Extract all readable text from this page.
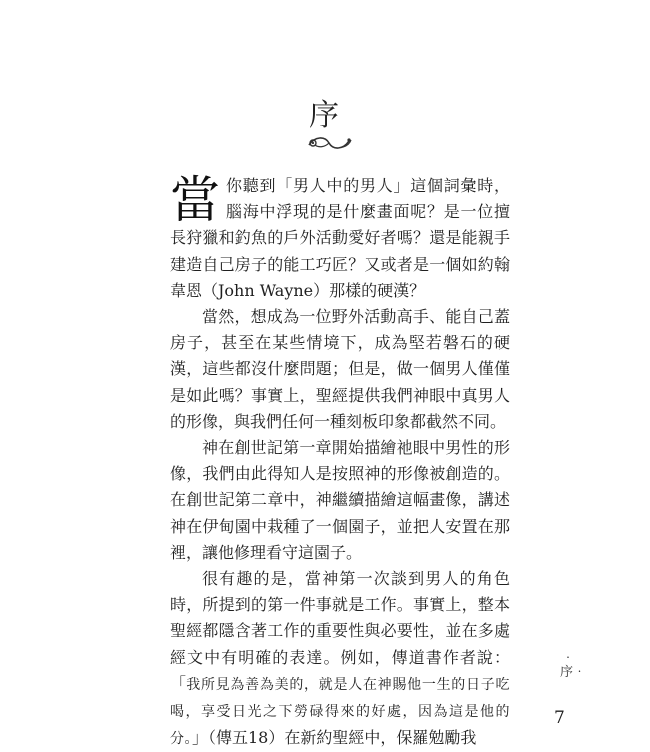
序

當你聽到「男人中的男人」這個詞彙時，腦海中浮現的是什麼畫面呢？是一位擅長狩獵和釣魚的戶外活動愛好者嗎？還是能親手建造自己房子的能工巧匠？又或者是一個如約翰韋恩（John Wayne）那樣的硬漢？

當然，想成為一位野外活動高手、能自己蓋房子，甚至在某些情境下，成為堅若磐石的硬漢，這些都沒什麼問題；但是，做一個男人僅僅是如此嗎？事實上，聖經提供我們神眼中真男人的形像，與我們任何一種刻板印象都截然不同。

神在創世記第一章開始描繪祂眼中男性的形像，我們由此得知人是按照神的形像被創造的。在創世記第二章中，神繼續描繪這幅畫像，講述神在伊甸園中栽種了一個園子，並把人安置在那裡，讓他修理看守這園子。

很有趣的是，當神第一次談到男人的角色時，所提到的第一件事就是工作。事實上，整本聖經都隱含著工作的重要性與必要性，並在多處經文中有明確的表達。例如，傳道書作者說：「我所見為善為美的，就是人在神賜他一生的日子吃喝，享受日光之下勞碌得來的好處，因為這是他的分。」（傳五18）在新約聖經中，保羅勉勵我

‧序‧
7
